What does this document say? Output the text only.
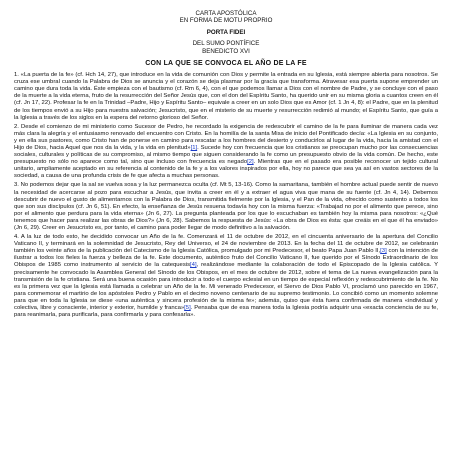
CARTA APOSTÓLICA
EN FORMA DE MOTU PROPRIO
PORTA FIDEI
DEL SUMO PONTÍFICE
BENEDICTO XVI
CON LA QUE SE CONVOCA EL AÑO DE LA FE

1. «La puerta de la fe» (cf. Hch 14, 27), que introduce en la vida de comunión con Dios y permite la entrada en su Iglesia, está siempre abierta para nosotros. Se cruza ese umbral cuando la Palabra de Dios se anuncia y el corazón se deja plasmar por la gracia que transforma. Atravesar esa puerta supone emprender un camino que dura toda la vida. Éste empieza con el bautismo (cf. Rm 6, 4), con el que podemos llamar a Dios con el nombre de Padre, y se concluye con el paso de la muerte a la vida eterna, fruto de la resurrección del Señor Jesús que, con el don del Espíritu Santo, ha querido unir en su misma gloria a cuantos creen en él (cf. Jn 17, 22). Profesar la fe en la Trinidad –Padre, Hijo y Espíritu Santo– equivale a creer en un solo Dios que es Amor (cf. 1 Jn 4, 8): el Padre, que en la plenitud de los tiempos envió a su Hijo para nuestra salvación; Jesucristo, que en el misterio de su muerte y resurrección redimió al mundo; el Espíritu Santo, que guía a la Iglesia a través de los siglos en la espera del retorno glorioso del Señor.

2. Desde el comienzo de mi ministerio como Sucesor de Pedro, he recordado la exigencia de redescubrir el camino de la fe para iluminar de manera cada vez más clara la alegría y el entusiasmo renovado del encuentro con Cristo. En la homilía de la santa Misa de inicio del Pontificado decía: «La Iglesia en su conjunto, y en ella sus pastores, como Cristo han de ponerse en camino para rescatar a los hombres del desierto y conducirlos al lugar de la vida, hacia la amistad con el Hijo de Dios, hacia Aquel que nos da la vida, y la vida en plenitud»[1]. Sucede hoy con frecuencia que los cristianos se preocupan mucho por las consecuencias sociales, culturales y políticas de su compromiso, al mismo tiempo que siguen considerando la fe como un presupuesto obvio de la vida común. De hecho, este presupuesto no sólo no aparece como tal, sino que incluso con frecuencia es negado[2]. Mientras que en el pasado era posible reconocer un tejido cultural unitario, ampliamente aceptado en su referencia al contenido de la fe y a los valores inspirados por ella, hoy no parece que sea ya así en vastos sectores de la sociedad, a causa de una profunda crisis de fe que afecta a muchas personas.

3. No podemos dejar que la sal se vuelva sosa y la luz permanezca oculta (cf. Mt 5, 13-16). Como la samaritana, también el hombre actual puede sentir de nuevo la necesidad de acercarse al pozo para escuchar a Jesús, que invita a creer en él y a extraer el agua viva que mana de su fuente (cf. Jn 4, 14). Debemos descubrir de nuevo el gusto de alimentarnos con la Palabra de Dios, transmitida fielmente por la Iglesia, y el Pan de la vida, ofrecido como sustento a todos los que son sus discípulos (cf. Jn 6, 51). En efecto, la enseñanza de Jesús resuena todavía hoy con la misma fuerza: «Trabajad no por el alimento que perece, sino por el alimento que perdura para la vida eterna» (Jn 6, 27). La pregunta planteada por los que lo escuchaban es también hoy la misma para nosotros: «¿Qué tenemos que hacer para realizar las obras de Dios?» (Jn 6, 28). Sabemos la respuesta de Jesús: «La obra de Dios es ésta: que creáis en el que él ha enviado» (Jn 6, 29). Creer en Jesucristo es, por tanto, el camino para poder llegar de modo definitivo a la salvación.

4. A la luz de todo esto, he decidido convocar un Año de la fe. Comenzará el 11 de octubre de 2012, en el cincuenta aniversario de la apertura del Concilio Vaticano II, y terminará en la solemnidad de Jesucristo, Rey del Universo, el 24 de noviembre de 2013. En la fecha del 11 de octubre de 2012, se celebrarán también los veinte años de la publicación del Catecismo de la Iglesia Católica, promulgado por mi Predecesor, el beato Papa Juan Pablo II,[3] con la intención de ilustrar a todos los fieles la fuerza y belleza de la fe. Este documento, auténtico fruto del Concilio Vaticano II, fue querido por el Sínodo Extraordinario de los Obispos de 1985 como instrumento al servicio de la catequesis[4], realizándose mediante la colaboración de todo el Episcopado de la Iglesia católica. Y precisamente he convocado la Asamblea General del Sínodo de los Obispos, en el mes de octubre de 2012, sobre el tema de La nueva evangelización para la transmisión de la fe cristiana. Será una buena ocasión para introducir a todo el cuerpo eclesial en un tiempo de especial reflexión y redescubrimiento de la fe. No es la primera vez que la Iglesia está llamada a celebrar un Año de la fe. Mi venerado Predecesor, el Siervo de Dios Pablo VI, proclamó uno parecido en 1967, para conmemorar el martirio de los apóstoles Pedro y Pablo en el decimo noveno centenario de su supremo testimonio. Lo concibió como un momento solemne para que en toda la Iglesia se diese «una auténtica y sincera profesión de la misma fe»; además, quiso que ésta fuera confirmada de manera «individual y colectiva, libre y consciente, interior y exterior, humilde y franca»[5]. Pensaba que de esa manera toda la Iglesia podría adquirir una «exacta conciencia de su fe, para reanimarla, para purificarla, para confirmarla y para confesarla».
